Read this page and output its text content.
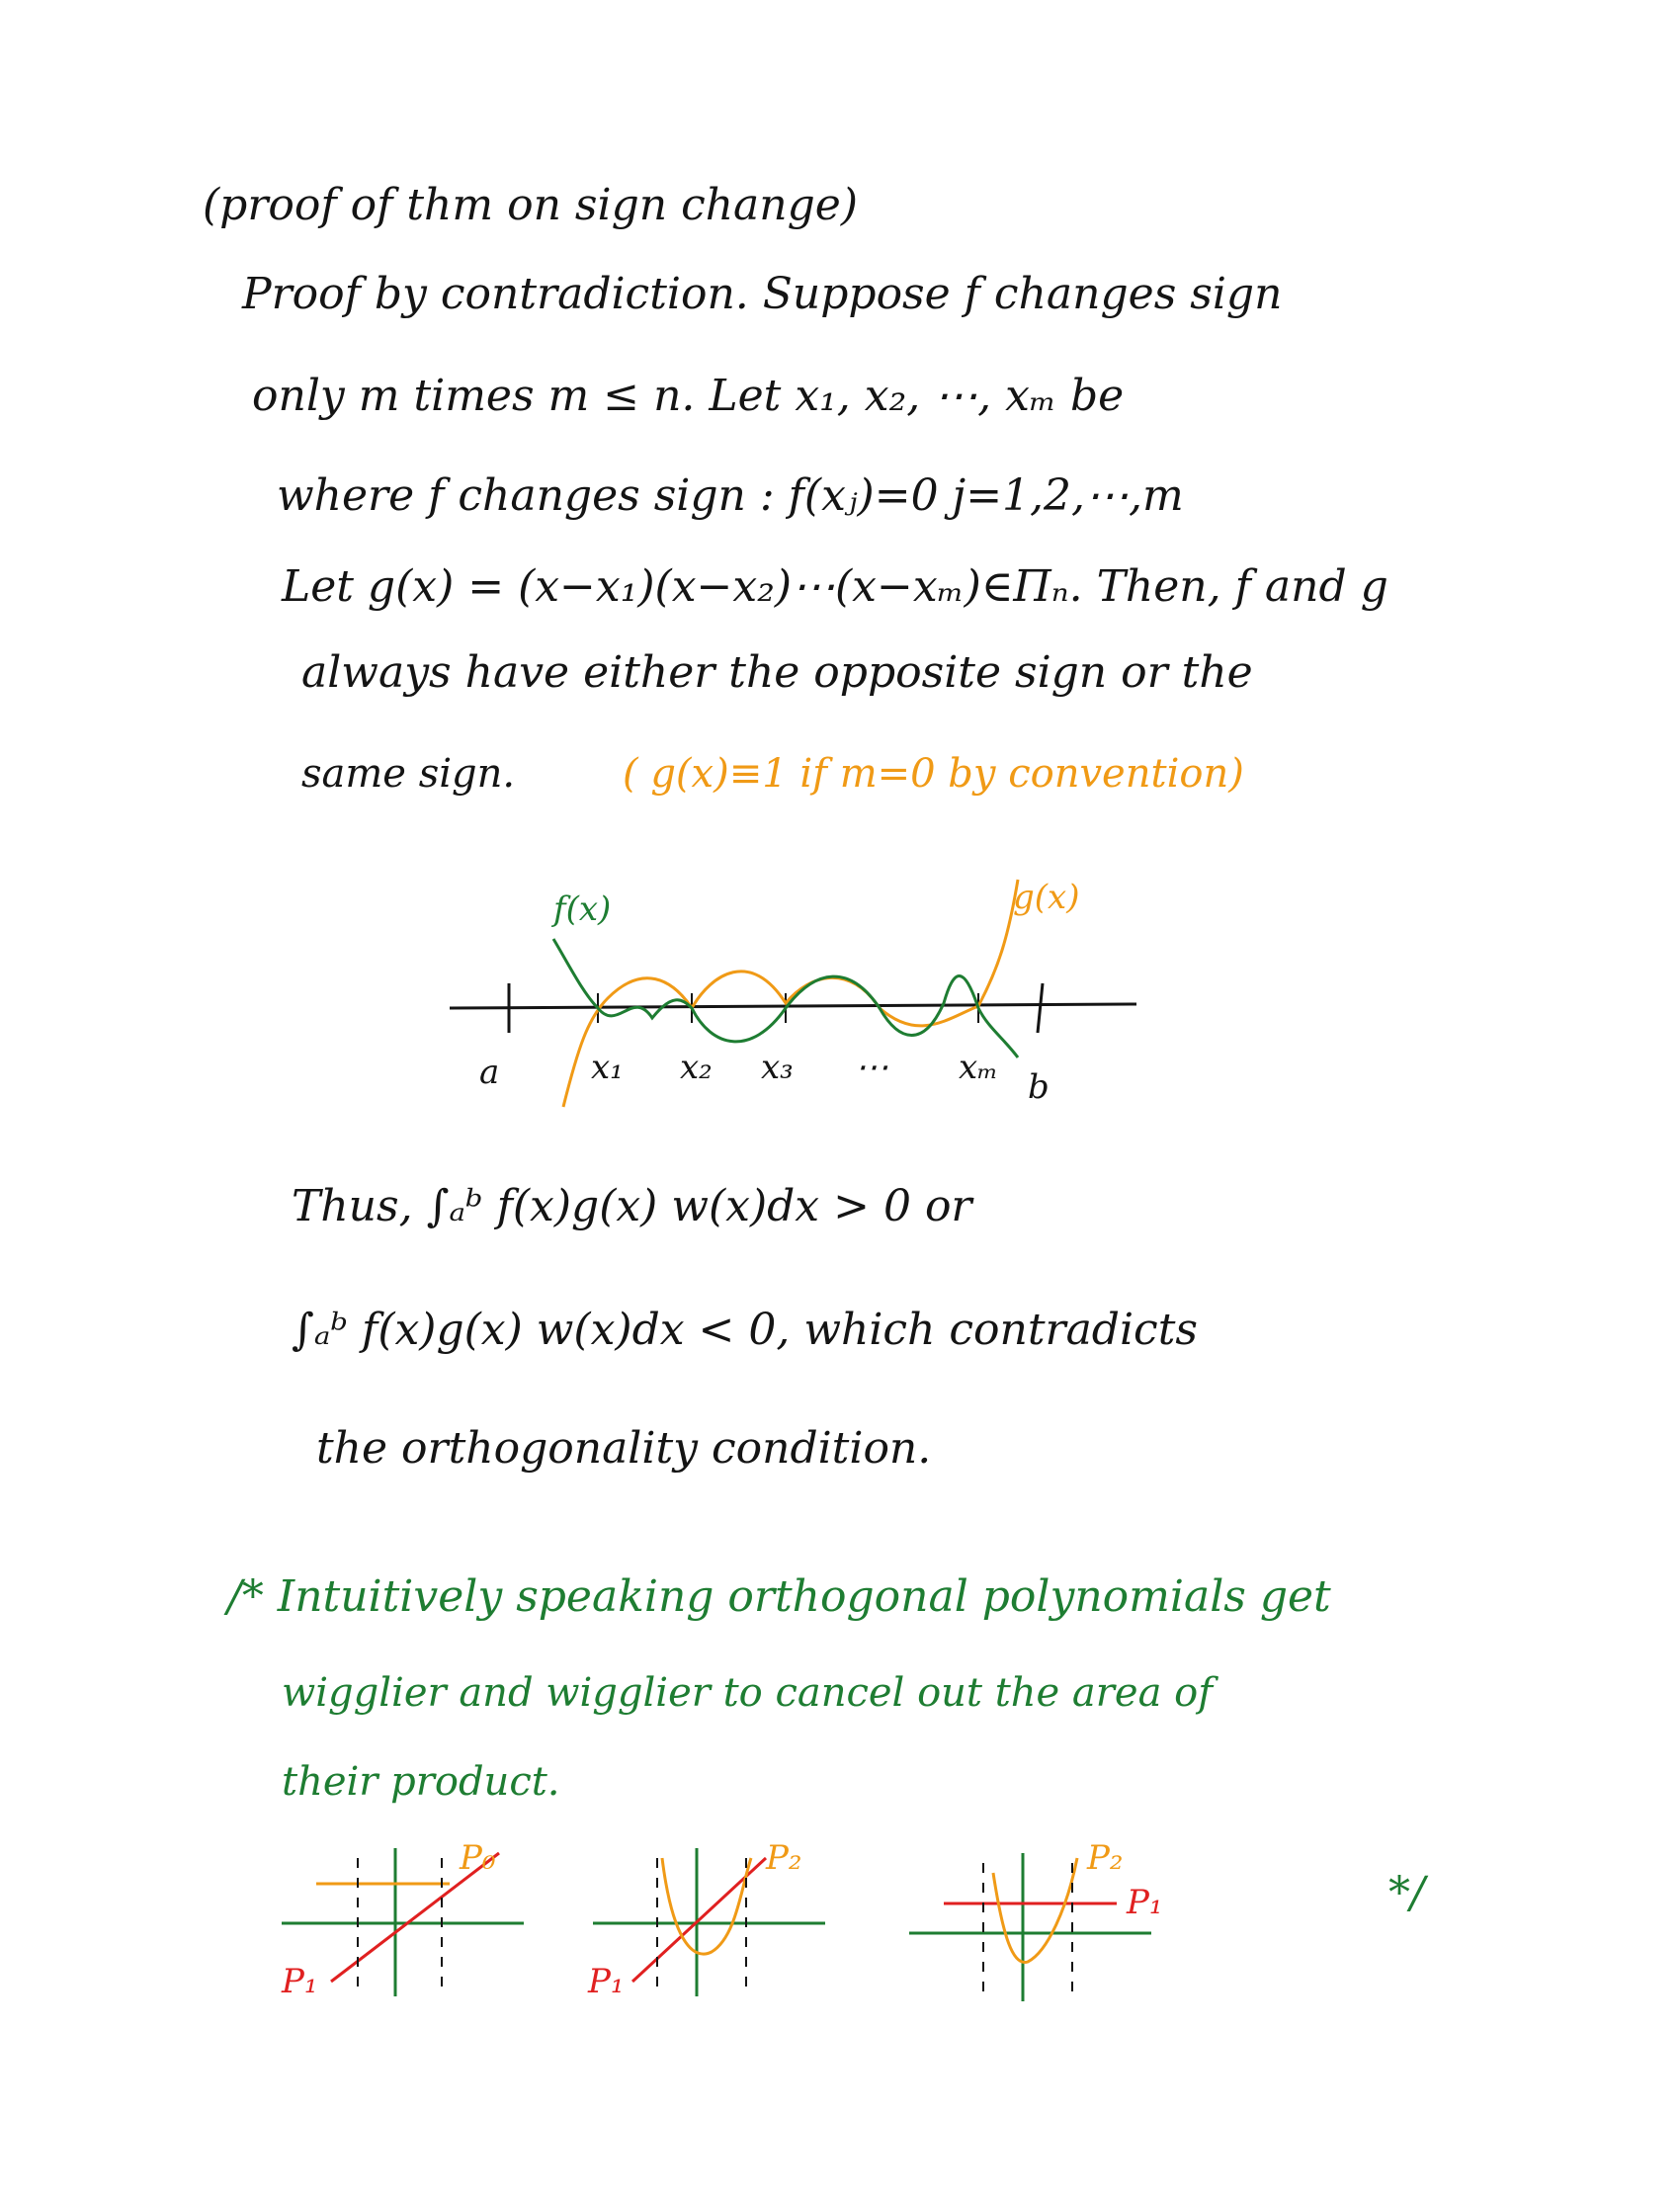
(proof of thm on sign change)
Proof by contradiction. Suppose f changes sign
only m times m ≤ n. Let x₁, x₂, ⋯, xₘ be
where f changes sign : f(xⱼ)=0 j=1,2,⋯,m
Let g(x) = (x−x₁)(x−x₂)⋯(x−xₘ)∈Πₙ. Then, f and g
always have either the opposite sign or the
same sign.	( g(x)≡1 if m=0 by convention)
f(x)	g(x)
a	x₁ x₂ x₃ ⋯ xₘ b
Thus, ∫ₐᵇ f(x)g(x) w(x)dx > 0 or
∫ₐᵇ f(x)g(x) w(x)dx < 0, which contradicts
the orthogonality condition.
/* Intuitively speaking orthogonal polynomials get
wigglier and wigglier to cancel out the area of
their product.
P₀
P₁
P₂
P₁
P₂
P₁	*/
